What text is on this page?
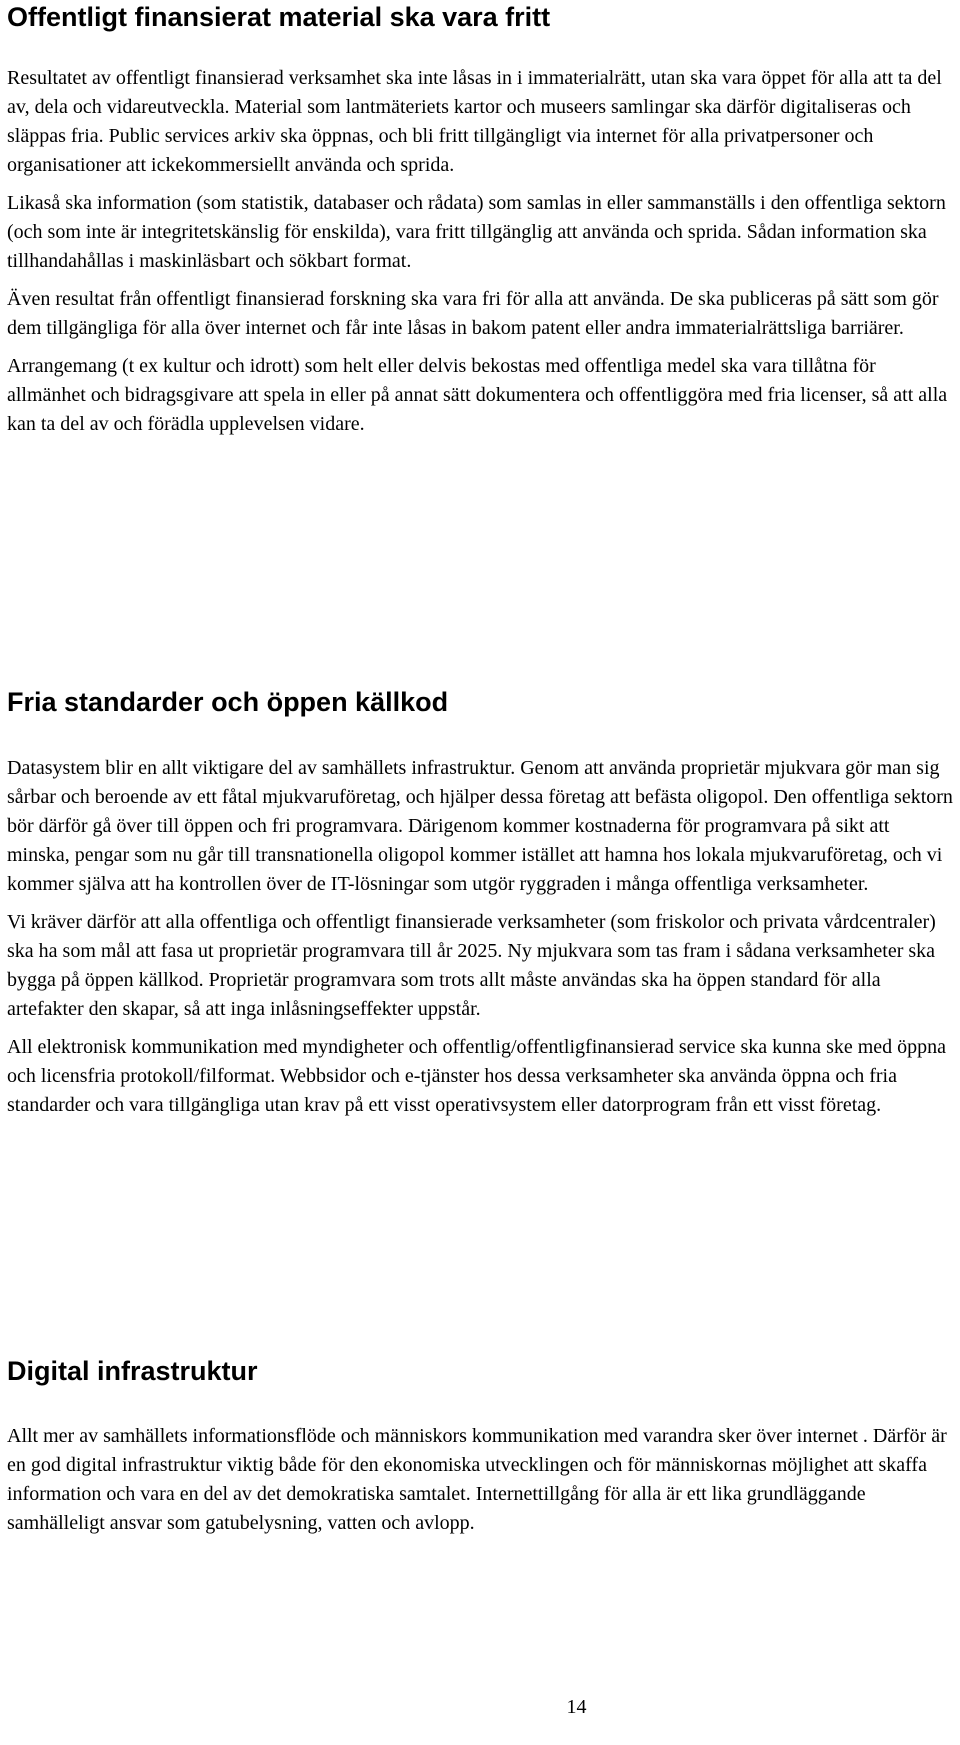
Offentligt finansierat material ska vara fritt

Resultatet av offentligt finansierad verksamhet ska inte låsas in i immaterialrätt, utan ska vara öppet för alla att ta del av, dela och vidareutveckla. Material som lantmäteriets kartor och museers samlingar ska därför digitaliseras och släppas fria. Public services arkiv ska öppnas, och bli fritt tillgängligt via internet för alla privatpersoner och organisationer att ickekommersiellt använda och sprida.

Likaså ska information (som statistik, databaser och rådata) som samlas in eller sammanställs i den offentliga sektorn (och som inte är integritetskänslig för enskilda), vara fritt tillgänglig att använda och sprida. Sådan information ska tillhandahållas i maskinläsbart och sökbart format.

Även resultat från offentligt finansierad forskning ska vara fri för alla att använda. De ska publiceras på sätt som gör dem tillgängliga för alla över internet och får inte låsas in bakom patent eller andra immaterialrättsliga barriärer.

Arrangemang (t ex kultur och idrott) som helt eller delvis bekostas med offentliga medel ska vara tillåtna för allmänhet och bidragsgivare att spela in eller på annat sätt dokumentera och offentliggöra med fria licenser, så att alla kan ta del av och förädla upplevelsen vidare.

Fria standarder och öppen källkod

Datasystem blir en allt viktigare del av samhällets infrastruktur. Genom att använda proprietär mjukvara gör man sig sårbar och beroende av ett fåtal mjukvaruföretag, och hjälper dessa företag att befästa oligopol. Den offentliga sektorn bör därför gå över till öppen och fri programvara. Därigenom kommer kostnaderna för programvara på sikt att minska, pengar som nu går till transnationella oligopol kommer istället att hamna hos lokala mjukvaruföretag, och vi kommer själva att ha kontrollen över de IT-lösningar som utgör ryggraden i många offentliga verksamheter.

Vi kräver därför att alla offentliga och offentligt finansierade verksamheter (som friskolor och privata vårdcentraler) ska ha som mål att fasa ut proprietär programvara till år 2025. Ny mjukvara som tas fram i sådana verksamheter ska bygga på öppen källkod. Proprietär programvara som trots allt måste användas ska ha öppen standard för alla artefakter den skapar, så att inga inlåsningseffekter uppstår.

All elektronisk kommunikation med myndigheter och offentlig/offentligfinansierad service ska kunna ske med öppna och licensfria protokoll/filformat. Webbsidor och e-tjänster hos dessa verksamheter ska använda öppna och fria standarder och vara tillgängliga utan krav på ett visst operativsystem eller datorprogram från ett visst företag.

Digital infrastruktur

Allt mer av samhällets informationsflöde och människors kommunikation med varandra sker över internet . Därför är en god digital infrastruktur viktig både för den ekonomiska utvecklingen och för människornas möjlighet att skaffa information och vara en del av det demokratiska samtalet. Internettillgång för alla är ett lika grundläggande samhälleligt ansvar som gatubelysning, vatten och avlopp.

14
